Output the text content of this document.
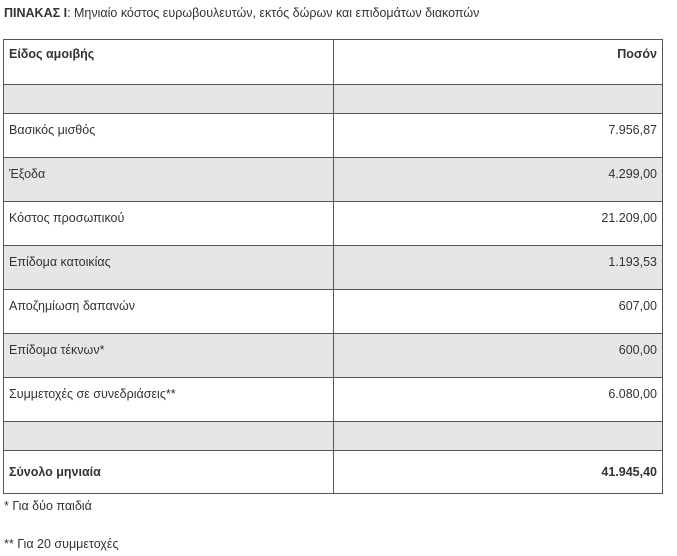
ΠΙΝΑΚΑΣ Ι: Μηνιαίο κόστος ευρωβουλευτών, εκτός δώρων και επιδομάτων διακοπών
Είδος αμοιβής	Ποσόν

Βασικός μισθός	7.956,87
Έξοδα	4.299,00
Κόστος προσωπικού	21.209,00
Επίδομα κατοικίας	1.193,53
Αποζημίωση δαπανών	607,00
Επίδομα τέκνων*	600,00
Συμμετοχές σε συνεδριάσεις**	6.080,00

Σύνολο μηνιαία	41.945,40
* Για δύο παιδιά
** Για 20 συμμετοχές
